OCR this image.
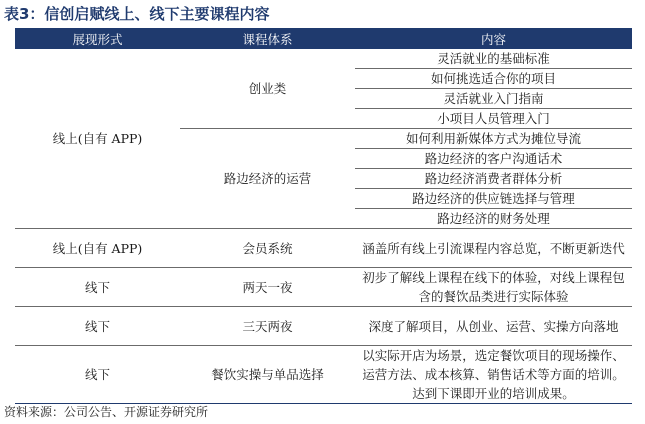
表3：信创启赋线上、线下主要课程内容
展现形式	课程体系	内容
线上(自有 APP)	创业类	灵活就业的基础标准
		如何挑选适合你的项目
		灵活就业入门指南
		小项目人员管理入门
	路边经济的运营	如何利用新媒体方式为摊位导流
		路边经济的客户沟通话术
		路边经济消费者群体分析
		路边经济的供应链选择与管理
		路边经济的财务处理
线上(自有 APP)	会员系统	涵盖所有线上引流课程内容总览，不断更新迭代
线下	两天一夜	初步了解线上课程在线下的体验，对线上课程包含的餐饮品类进行实际体验
线下	三天两夜	深度了解项目，从创业、运营、实操方向落地
线下	餐饮实操与单品选择	以实际开店为场景，选定餐饮项目的现场操作、运营方法、成本核算、销售话术等方面的培训。达到下课即开业的培训成果。
资料来源：公司公告、开源证券研究所
